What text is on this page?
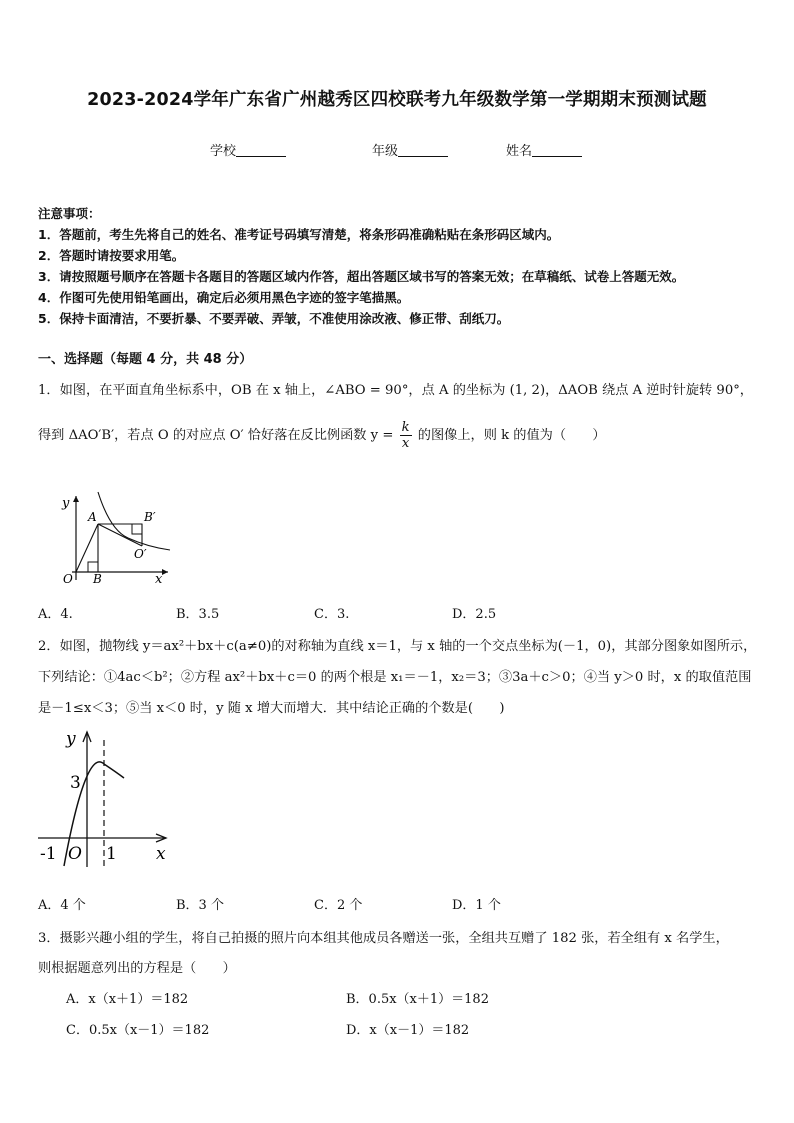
2023-2024学年广东省广州越秀区四校联考九年级数学第一学期期末预测试题
学校	年级	姓名
注意事项：
1．答题前，考生先将自己的姓名、准考证号码填写清楚，将条形码准确粘贴在条形码区域内。
2．答题时请按要求用笔。
3．请按照题号顺序在答题卡各题目的答题区域内作答，超出答题区域书写的答案无效；在草稿纸、试卷上答题无效。
4．作图可先使用铅笔画出，确定后必须用黑色字迹的签字笔描黑。
5．保持卡面清洁，不要折暴、不要弄破、弄皱，不准使用涂改液、修正带、刮纸刀。
一、选择题（每题 4 分，共 48 分）
1．如图，在平面直角坐标系中，OB 在 x 轴上，∠ABO = 90°，点 A 的坐标为 (1, 2)，ΔAOB 绕点 A 逆时针旋转 90°，
得到 ΔAO′B′，若点 O 的对应点 O′ 恰好落在反比例函数 $y = \frac{k}{x}$ 的图像上，则 k 的值为（　　）
y
x
O B
A	B′
O′
A．4.	B．3.5	C．3.	D．2.5
2．如图，抛物线 y＝ax²＋bx＋c(a≠0)的对称轴为直线 x＝1，与 x 轴的一个交点坐标为(－1，0)，其部分图象如图所示，
下列结论：①4ac＜b²；②方程 ax²＋bx＋c＝0 的两个根是 x₁＝－1，x₂＝3；③3a＋c＞0；④当 y＞0 时，x 的取值范围
是－1≤x＜3；⑤当 x＜0 时，y 随 x 增大而增大．其中结论正确的个数是(　　)
y
x
3
-1 O 1
A．4 个	B．3 个	C．2 个	D．1 个
3．摄影兴趣小组的学生，将自己拍摄的照片向本组其他成员各赠送一张，全组共互赠了 182 张，若全组有 x 名学生，
则根据题意列出的方程是（　　）
A．x（x＋1）＝182	B．0.5x（x＋1）＝182
C．0.5x（x－1）＝182	D．x（x－1）＝182
